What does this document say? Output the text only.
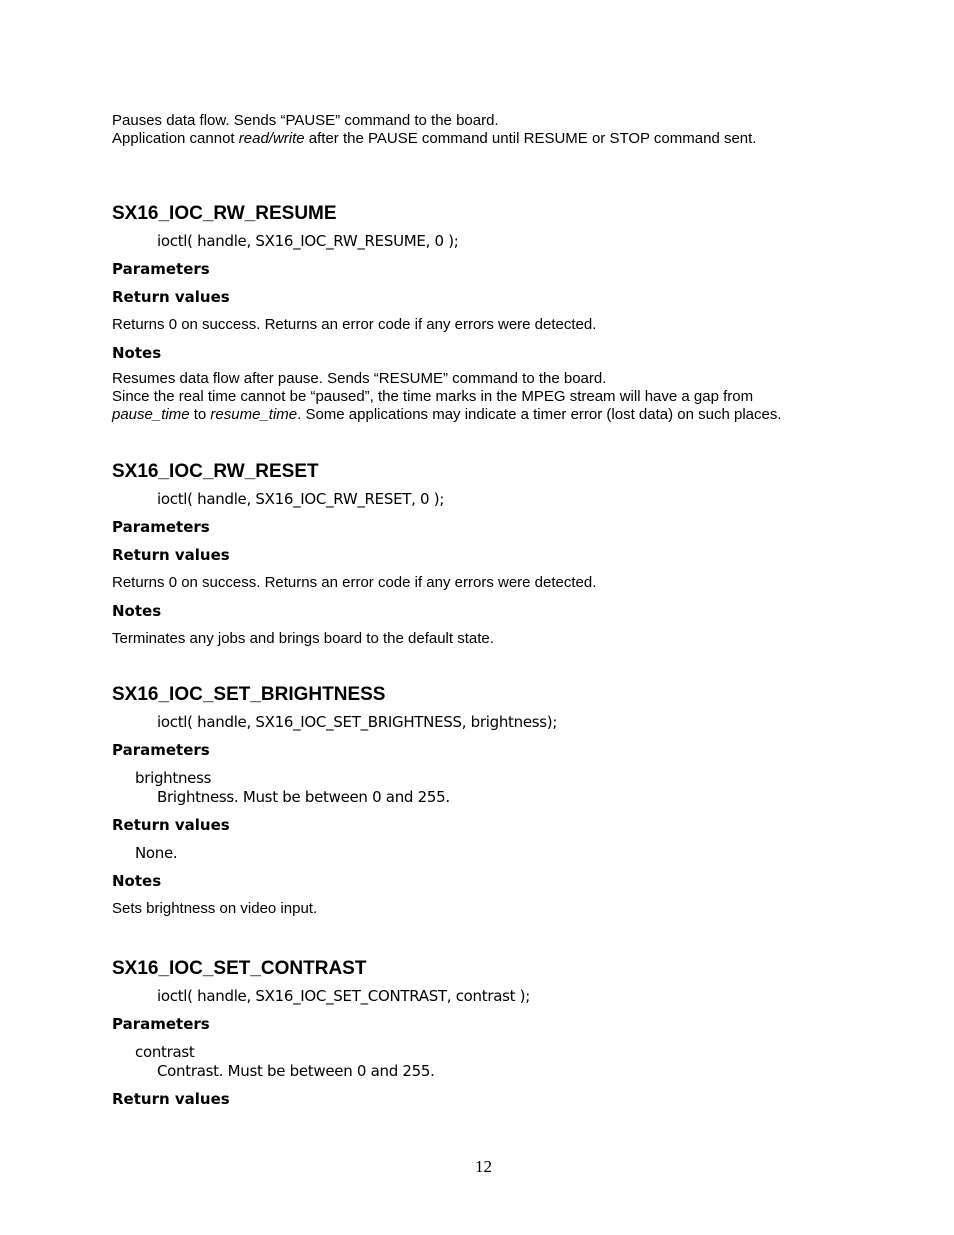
Pauses data flow. Sends “PAUSE” command to the board.
Application cannot read/write after the PAUSE command until RESUME or STOP command sent.
SX16_IOC_RW_RESUME
ioctl( handle, SX16_IOC_RW_RESUME, 0 );
Parameters
Return values
Returns 0 on success. Returns an error code if any errors were detected.
Notes
Resumes data flow after pause. Sends “RESUME” command to the board.
Since the real time cannot be “paused”, the time marks in the MPEG stream will have a gap from
pause_time to resume_time. Some applications may indicate a timer error (lost data) on such places.
SX16_IOC_RW_RESET
ioctl( handle, SX16_IOC_RW_RESET, 0 );
Parameters
Return values
Returns 0 on success. Returns an error code if any errors were detected.
Notes
Terminates any jobs and brings board to the default state.
SX16_IOC_SET_BRIGHTNESS
ioctl( handle, SX16_IOC_SET_BRIGHTNESS, brightness);
Parameters
brightness
Brightness. Must be between 0 and 255.
Return values
None.
Notes
Sets brightness on video input.
SX16_IOC_SET_CONTRAST
ioctl( handle, SX16_IOC_SET_CONTRAST, contrast );
Parameters
contrast
Contrast. Must be between 0 and 255.
Return values
12
